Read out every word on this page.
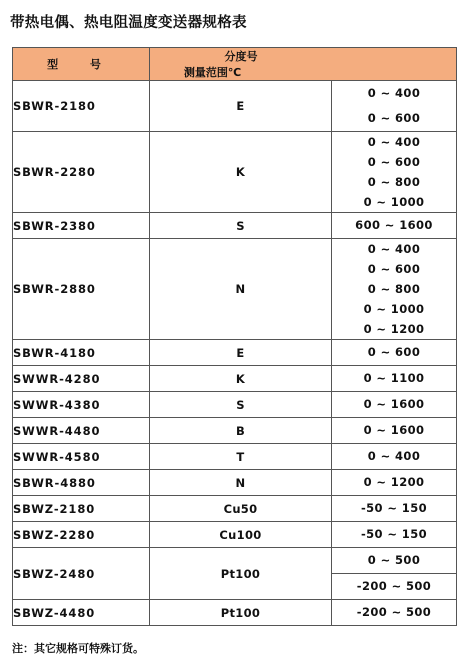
带热电偶、热电阻温度变送器规格表
型 号	分度号测量范围℃	
SBWR-2180	E	0 ~ 400
0 ~ 600

SBWR-2280	K	0 ~ 400
0 ~ 600
0 ~ 800
0 ~ 1000

SBWR-2380	S	600 ~ 1600

SBWR-2880	N	0 ~ 400
0 ~ 600
0 ~ 800
0 ~ 1000
0 ~ 1200

SBWR-4180	E	0 ~ 600

SWWR-4280	K	0 ~ 1100

SWWR-4380	S	0 ~ 1600

SWWR-4480	B	0 ~ 1600

SWWR-4580	T	0 ~ 400

SBWR-4880	N	0 ~ 1200

SBWZ-2180	Cu50	-50 ~ 150

SBWZ-2280	Cu100	-50 ~ 150

SBWZ-2480	Pt100	0 ~ 500
-200 ~ 500

SBWZ-4480	Pt100	-200 ~ 500
注：其它规格可特殊订货。
